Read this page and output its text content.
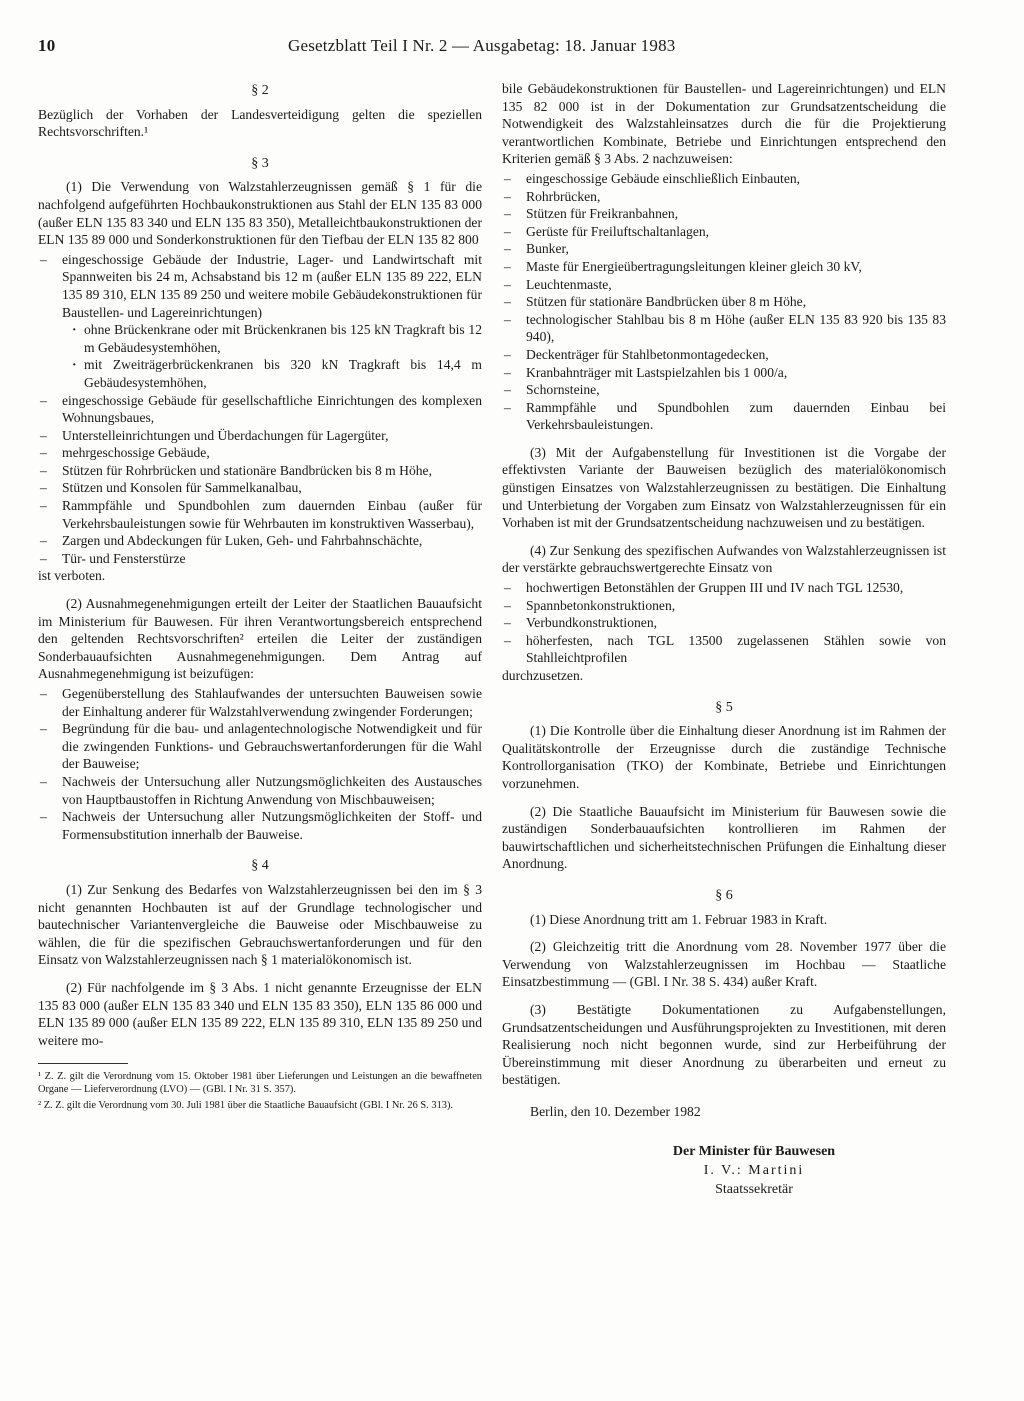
10	Gesetzblatt Teil I Nr. 2 — Ausgabetag: 18. Januar 1983
§ 2

Bezüglich der Vorhaben der Landesverteidigung gelten die speziellen Rechtsvorschriften.¹

§ 3

(1) Die Verwendung von Walzstahlerzeugnissen gemäß § 1 für die nachfolgend aufgeführten Hochbaukonstruktionen aus Stahl der ELN 135 83 000 (außer ELN 135 83 340 und ELN 135 83 350), Metalleichtbaukonstruktionen der ELN 135 89 000 und Sonderkonstruktionen für den Tiefbau der ELN 135 82 800

– eingeschossige Gebäude der Industrie, Lager- und Landwirtschaft mit Spannweiten bis 24 m, Achsabstand bis 12 m (außer ELN 135 89 222, ELN 135 89 310, ELN 135 89 250 und weitere mobile Gebäudekonstruktionen für Baustellen- und Lagereinrichtungen)
· ohne Brückenkrane oder mit Brückenkranen bis 125 kN Tragkraft bis 12 m Gebäudesystemhöhen,
· mit Zweiträgerbrückenkranen bis 320 kN Tragkraft bis 14,4 m Gebäudesystemhöhen,
– eingeschossige Gebäude für gesellschaftliche Einrichtungen des komplexen Wohnungsbaues,
– Unterstelleinrichtungen und Überdachungen für Lagergüter,
– mehrgeschossige Gebäude,
– Stützen für Rohrbrücken und stationäre Bandbrücken bis 8 m Höhe,
– Stützen und Konsolen für Sammelkanalbau,
– Rammpfähle und Spundbohlen zum dauernden Einbau (außer für Verkehrsbauleistungen sowie für Wehrbauten im konstruktiven Wasserbau),
– Zargen und Abdeckungen für Luken, Geh- und Fahrbahnschächte,
– Tür- und Fensterstürze

ist verboten.

(2) Ausnahmegenehmigungen erteilt der Leiter der Staatlichen Bauaufsicht im Ministerium für Bauwesen. Für ihren Verantwortungsbereich entsprechend den geltenden Rechtsvorschriften² erteilen die Leiter der zuständigen Sonderbauaufsichten Ausnahmegenehmigungen. Dem Antrag auf Ausnahmegenehmigung ist beizufügen:

– Gegenüberstellung des Stahlaufwandes der untersuchten Bauweisen sowie der Einhaltung anderer für Walzstahlverwendung zwingender Forderungen;
– Begründung für die bau- und anlagentechnologische Notwendigkeit und für die zwingenden Funktions- und Gebrauchswertanforderungen für die Wahl der Bauweise;
– Nachweis der Untersuchung aller Nutzungsmöglichkeiten des Austausches von Hauptbaustoffen in Richtung Anwendung von Mischbauweisen;
– Nachweis der Untersuchung aller Nutzungsmöglichkeiten der Stoff- und Formensubstitution innerhalb der Bauweise.
§ 4

(1) Zur Senkung des Bedarfes von Walzstahlerzeugnissen bei den im § 3 nicht genannten Hochbauten ist auf der Grundlage technologischer und bautechnischer Variantenvergleiche die Bauweise oder Mischbauweise zu wählen, die für die spezifischen Gebrauchswertanforderungen und für den Einsatz von Walzstahlerzeugnissen nach § 1 materialökonomisch ist.

(2) Für nachfolgende im § 3 Abs. 1 nicht genannte Erzeugnisse der ELN 135 83 000 (außer ELN 135 83 340 und ELN 135 83 350), ELN 135 86 000 und ELN 135 89 000 (außer ELN 135 89 222, ELN 135 89 310, ELN 135 89 250 und weitere mo-

¹ Z. Z. gilt die Verordnung vom 15. Oktober 1981 über Lieferungen und Leistungen an die bewaffneten Organe — Lieferverordnung (LVO) — (GBl. I Nr. 31 S. 357).
² Z. Z. gilt die Verordnung vom 30. Juli 1981 über die Staatliche Bauaufsicht (GBl. I Nr. 26 S. 313).

bile Gebäudekonstruktionen für Baustellen- und Lagereinrichtungen) und ELN 135 82 000 ist in der Dokumentation zur Grundsatzentscheidung die Notwendigkeit des Walzstahleinsatzes durch die für die Projektierung verantwortlichen Kombinate, Betriebe und Einrichtungen entsprechend den Kriterien gemäß § 3 Abs. 2 nachzuweisen:

– eingeschossige Gebäude einschließlich Einbauten,
– Rohrbrücken,
– Stützen für Freikranbahnen,
– Gerüste für Freiluftschaltanlagen,
– Bunker,
– Maste für Energieübertragungsleitungen kleiner gleich 30 kV,
– Leuchtenmaste,
– Stützen für stationäre Bandbrücken über 8 m Höhe,
– technologischer Stahlbau bis 8 m Höhe (außer ELN 135 83 920 bis 135 83 940),
– Deckenträger für Stahlbetonmontagedecken,
– Kranbahnträger mit Lastspielzahlen bis 1 000/a,
– Schornsteine,
– Rammpfähle und Spundbohlen zum dauernden Einbau bei Verkehrsbauleistungen.

(3) Mit der Aufgabenstellung für Investitionen ist die Vorgabe der effektivsten Variante der Bauweisen bezüglich des materialökonomisch günstigen Einsatzes von Walzstahlerzeugnissen zu bestätigen. Die Einhaltung und Unterbietung der Vorgaben zum Einsatz von Walzstahlerzeugnissen für ein Vorhaben ist mit der Grundsatzentscheidung nachzuweisen und zu bestätigen.

(4) Zur Senkung des spezifischen Aufwandes von Walzstahlerzeugnissen ist der verstärkte gebrauchswertgerechte Einsatz von

– hochwertigen Betonstählen der Gruppen III und IV nach TGL 12530,
– Spannbetonkonstruktionen,
– Verbundkonstruktionen,
– höherfesten, nach TGL 13500 zugelassenen Stählen sowie von Stahlleichtprofilen

durchzusetzen.

§ 5

(1) Die Kontrolle über die Einhaltung dieser Anordnung ist im Rahmen der Qualitätskontrolle der Erzeugnisse durch die zuständige Technische Kontrollorganisation (TKO) der Kombinate, Betriebe und Einrichtungen vorzunehmen.

(2) Die Staatliche Bauaufsicht im Ministerium für Bauwesen sowie die zuständigen Sonderbauaufsichten kontrollieren im Rahmen der bauwirtschaftlichen und sicherheitstechnischen Prüfungen die Einhaltung dieser Anordnung.

§ 6

(1) Diese Anordnung tritt am 1. Februar 1983 in Kraft.

(2) Gleichzeitig tritt die Anordnung vom 28. November 1977 über die Verwendung von Walzstahlerzeugnissen im Hochbau — Staatliche Einsatzbestimmung — (GBl. I Nr. 38 S. 434) außer Kraft.

(3) Bestätigte Dokumentationen zu Aufgabenstellungen, Grundsatzentscheidungen und Ausführungsprojekten zu Investitionen, mit deren Realisierung noch nicht begonnen wurde, sind zur Herbeiführung der Übereinstimmung mit dieser Anordnung zu überarbeiten und erneut zu bestätigen.

Berlin, den 10. Dezember 1982

Der Minister für Bauwesen
I. V.: Martini
Staatssekretär
